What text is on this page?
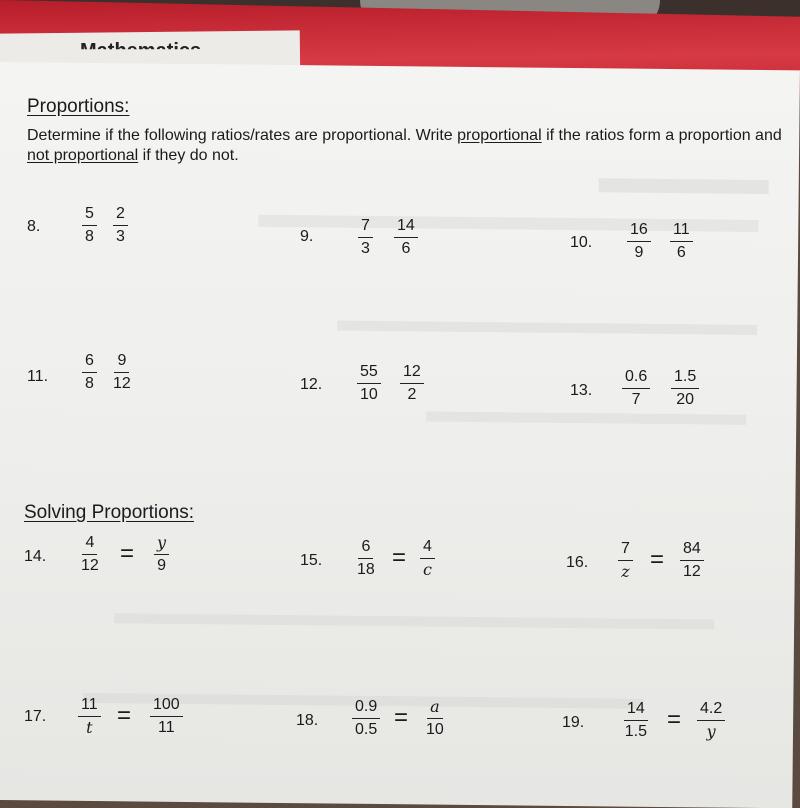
Proportions:
Determine if the following ratios/rates are proportional. Write proportional if the ratios form a proportion and not proportional if they do not.
8.	$\frac{5}{8} \frac{2}{3}$	9.	$\frac{7}{3} \frac{14}{6}$	10. $\frac{16}{9} \frac{11}{6}$
11. $\frac{6}{8} \frac{9}{12}$	12. $\frac{55}{10} \frac{12}{2}$	13. $\frac{0.6}{7} \frac{1.5}{20}$
Solving Proportions:
14. $\frac{4}{12} = \frac{y}{9}$	15. $\frac{6}{18} = \frac{4}{c}$	16. $\frac{7}{z} = \frac{84}{12}$
17. $\frac{11}{t} = \frac{100}{11}$	18. $\frac{0.9}{0.5} = \frac{a}{10}$	19. $\frac{14}{1.5} = \frac{4.2}{y}$
